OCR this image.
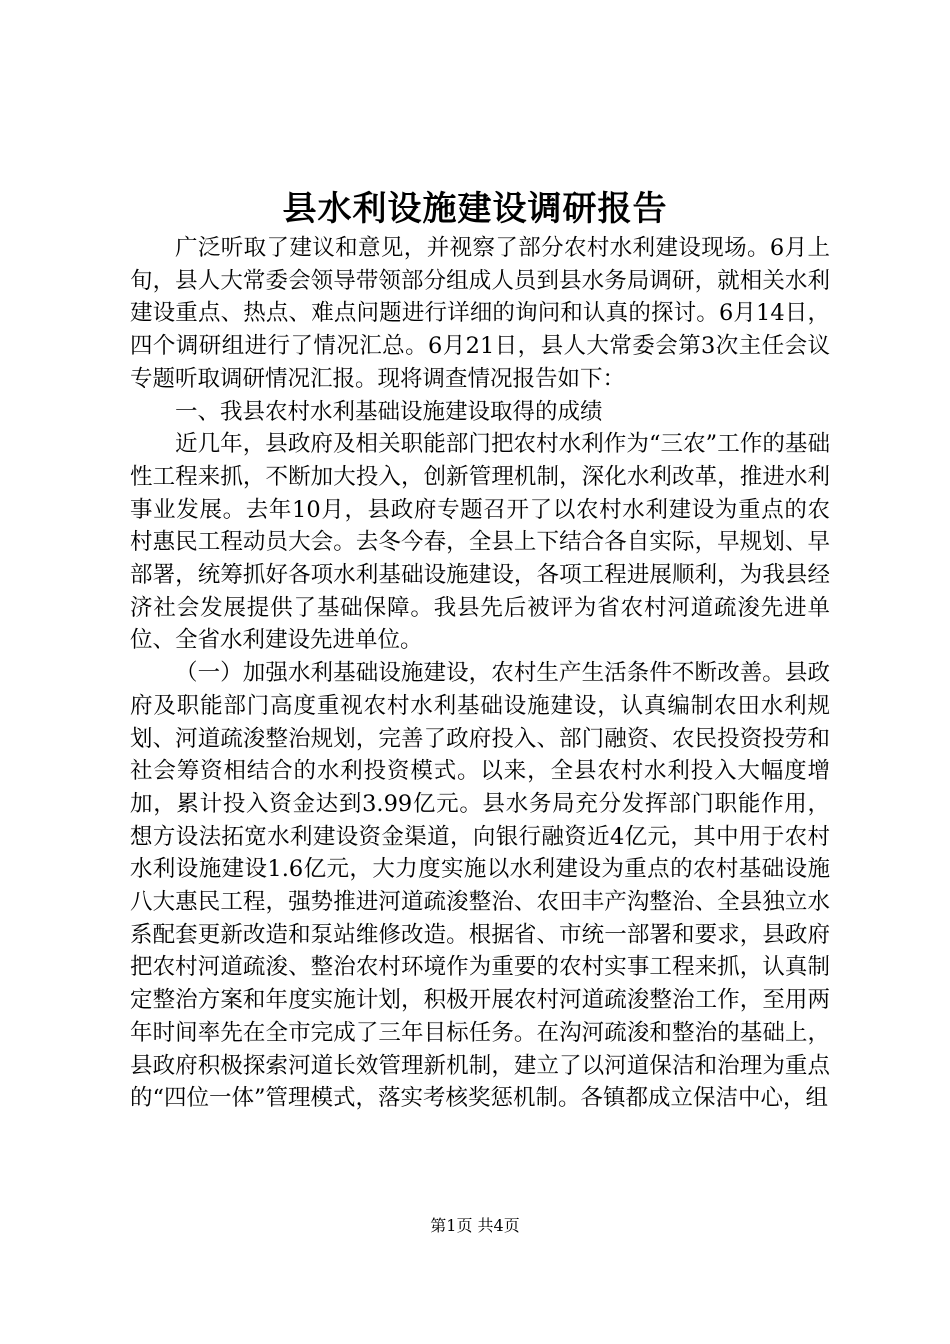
县水利设施建设调研报告

广泛听取了建议和意见，并视察了部分农村水利建设现场。6月上旬，县人大常委会领导带领部分组成人员到县水务局调研，就相关水利建设重点、热点、难点问题进行详细的询问和认真的探讨。6月14日，四个调研组进行了情况汇总。6月21日，县人大常委会第3次主任会议专题听取调研情况汇报。现将调查情况报告如下：

一、我县农村水利基础设施建设取得的成绩

近几年，县政府及相关职能部门把农村水利作为“三农”工作的基础性工程来抓，不断加大投入，创新管理机制，深化水利改革，推进水利事业发展。去年10月，县政府专题召开了以农村水利建设为重点的农村惠民工程动员大会。去冬今春，全县上下结合各自实际，早规划、早部署，统筹抓好各项水利基础设施建设，各项工程进展顺利，为我县经济社会发展提供了基础保障。我县先后被评为省农村河道疏浚先进单位、全省水利建设先进单位。

（一）加强水利基础设施建设，农村生产生活条件不断改善。县政府及职能部门高度重视农村水利基础设施建设，认真编制农田水利规划、河道疏浚整治规划，完善了政府投入、部门融资、农民投资投劳和社会筹资相结合的水利投资模式。以来，全县农村水利投入大幅度增加，累计投入资金达到3.99亿元。县水务局充分发挥部门职能作用，想方设法拓宽水利建设资金渠道，向银行融资近4亿元，其中用于农村水利设施建设1.6亿元，大力度实施以水利建设为重点的农村基础设施八大惠民工程，强势推进河道疏浚整治、农田丰产沟整治、全县独立水系配套更新改造和泵站维修改造。根据省、市统一部署和要求，县政府把农村河道疏浚、整治农村环境作为重要的农村实事工程来抓，认真制定整治方案和年度实施计划，积极开展农村河道疏浚整治工作，至用两年时间率先在全市完成了三年目标任务。在沟河疏浚和整治的基础上，县政府积极探索河道长效管理新机制，建立了以河道保洁和治理为重点的“四位一体”管理模式，落实考核奖惩机制。各镇都成立保洁中心，组

第1页 共4页
